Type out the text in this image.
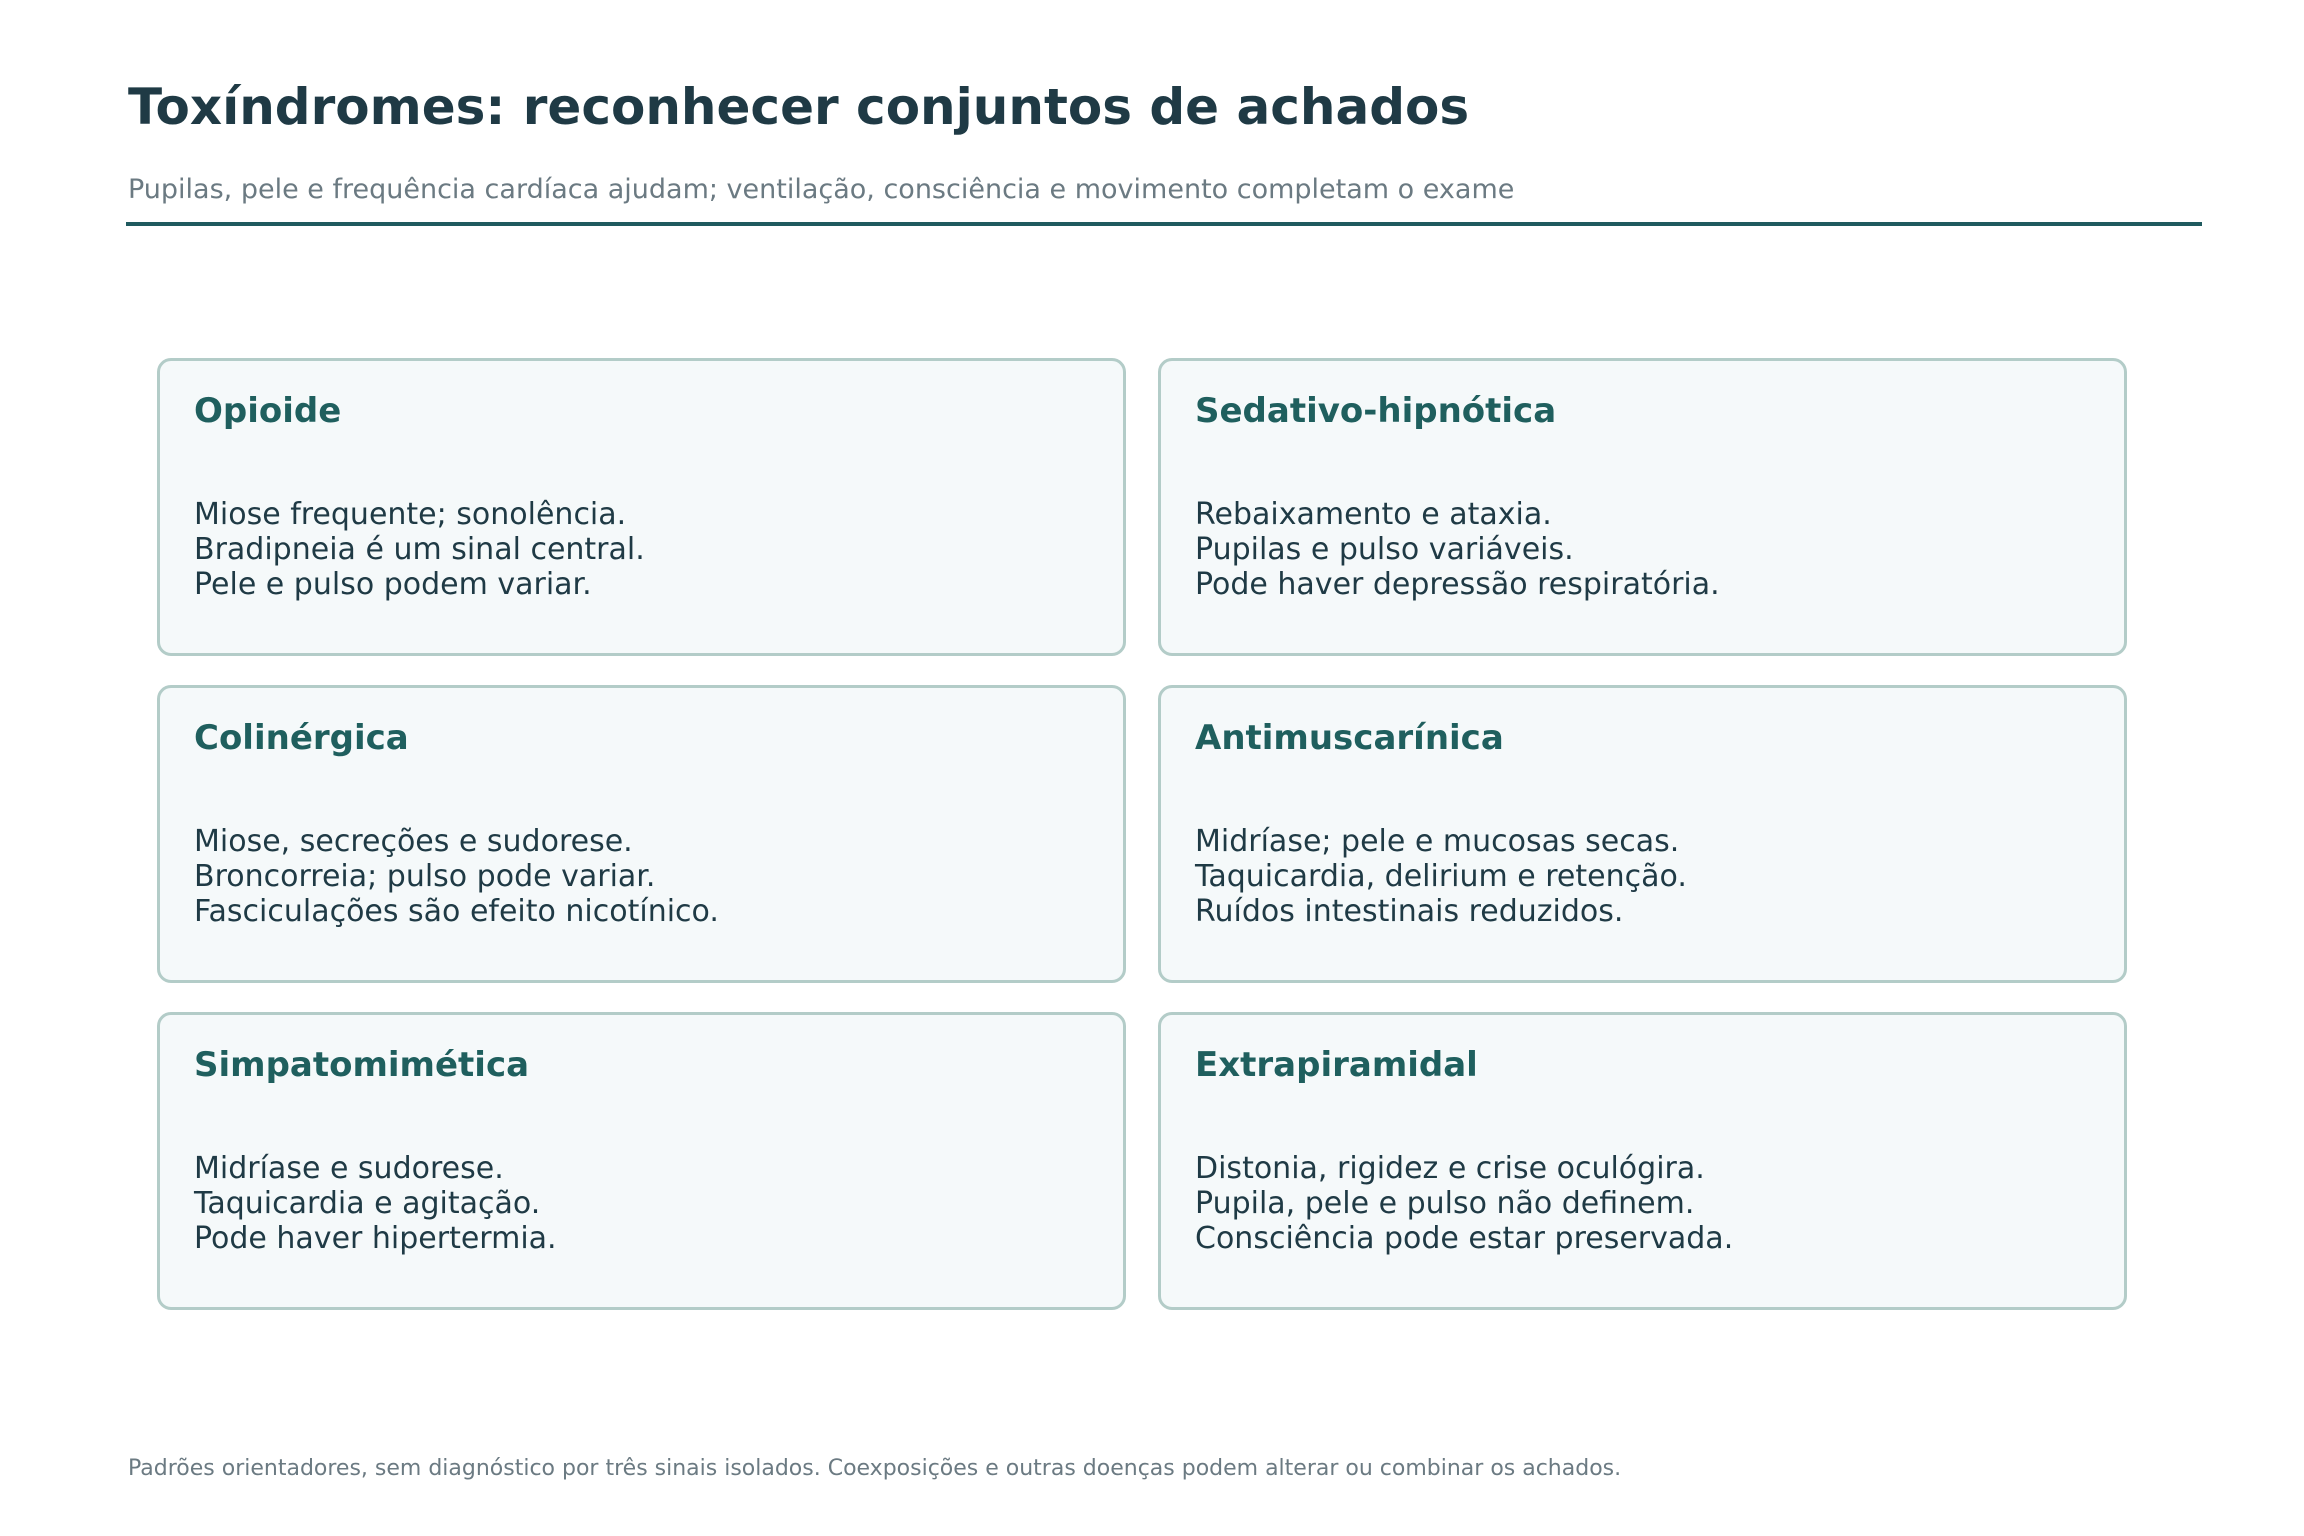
Toxíndromes: reconhecer conjuntos de achados

Pupilas, pele e frequência cardíaca ajudam; ventilação, consciência e movimento completam o exame

Opioide
Miose frequente; sonolência.
Bradipneia é um sinal central.
Pele e pulso podem variar.
Sedativo-hipnótica
Rebaixamento e ataxia.
Pupilas e pulso variáveis.
Pode haver depressão respiratória.
Colinérgica
Miose, secreções e sudorese.
Broncorreia; pulso pode variar.
Fasciculações são efeito nicotínico.
Antimuscarínica
Midríase; pele e mucosas secas.
Taquicardia, delirium e retenção.
Ruídos intestinais reduzidos.
Simpatomimética
Midríase e sudorese.
Taquicardia e agitação.
Pode haver hipertermia.
Extrapiramidal
Distonia, rigidez e crise oculógira.
Pupila, pele e pulso não definem.
Consciência pode estar preservada.

Padrões orientadores, sem diagnóstico por três sinais isolados. Coexposições e outras doenças podem alterar ou combinar os achados.
